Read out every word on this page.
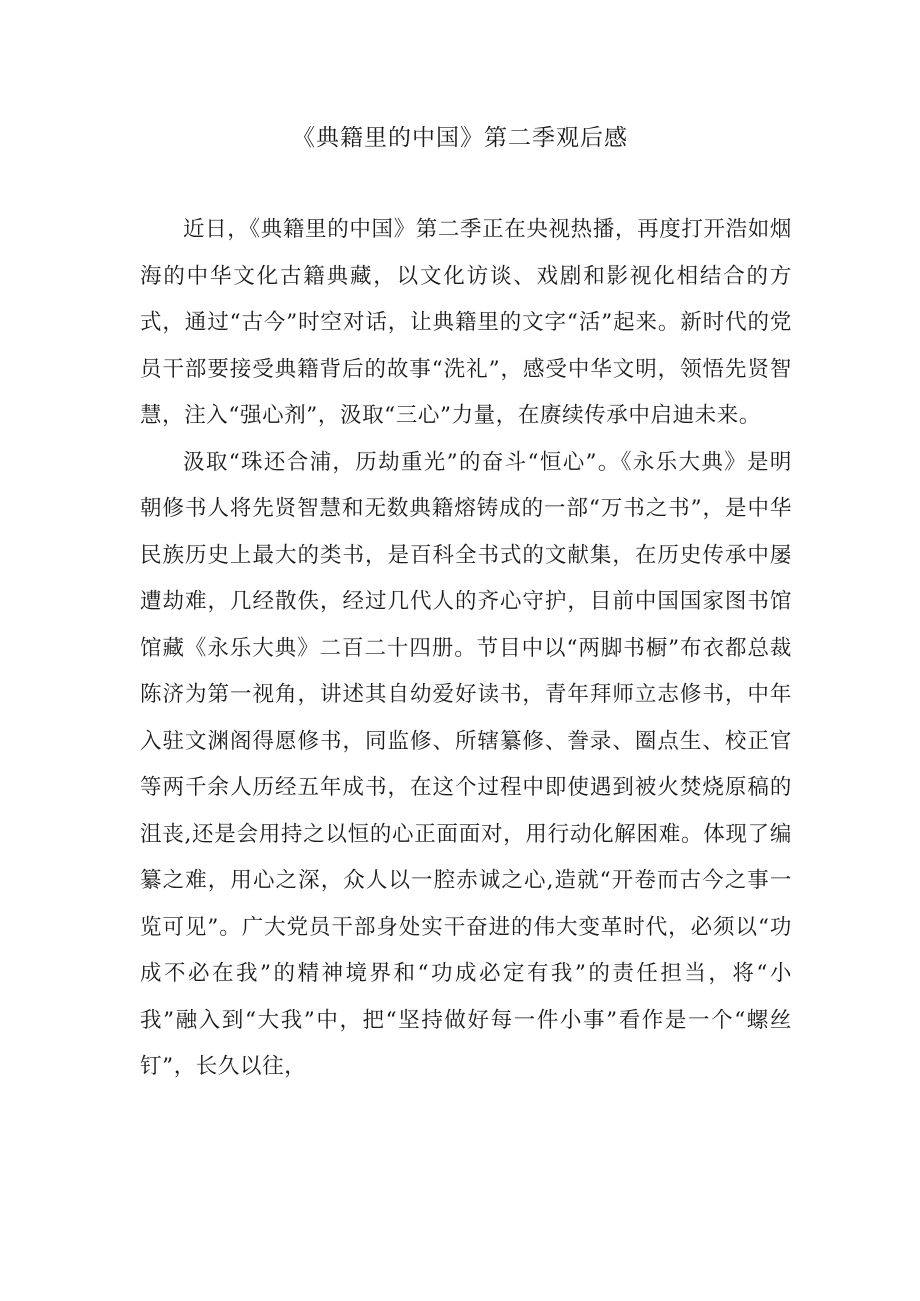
《典籍里的中国》第二季观后感

近日，《典籍里的中国》第二季正在央视热播，再度打开浩如烟海的中华文化古籍典藏，以文化访谈、戏剧和影视化相结合的方式，通过“古今”时空对话，让典籍里的文字“活”起来。新时代的党员干部要接受典籍背后的故事“洗礼”，感受中华文明，领悟先贤智慧，注入“强心剂”，汲取“三心”力量，在赓续传承中启迪未来。

汲取“珠还合浦，历劫重光”的奋斗“恒心”。《永乐大典》是明朝修书人将先贤智慧和无数典籍熔铸成的一部“万书之书”，是中华民族历史上最大的类书，是百科全书式的文献集，在历史传承中屡遭劫难，几经散佚，经过几代人的齐心守护，目前中国国家图书馆馆藏《永乐大典》二百二十四册。节目中以“两脚书橱”布衣都总裁陈济为第一视角，讲述其自幼爱好读书，青年拜师立志修书，中年入驻文渊阁得愿修书，同监修、所辖纂修、誊录、圈点生、校正官等两千余人历经五年成书，在这个过程中即使遇到被火焚烧原稿的沮丧,还是会用持之以恒的心正面面对，用行动化解困难。体现了编纂之难，用心之深，众人以一腔赤诚之心,造就“开卷而古今之事一览可见”。广大党员干部身处实干奋进的伟大变革时代，必须以“功成不必在我”的精神境界和“功成必定有我”的责任担当，将“小我”融入到“大我”中，把“坚持做好每一件小事”看作是一个“螺丝钉”，长久以往，
